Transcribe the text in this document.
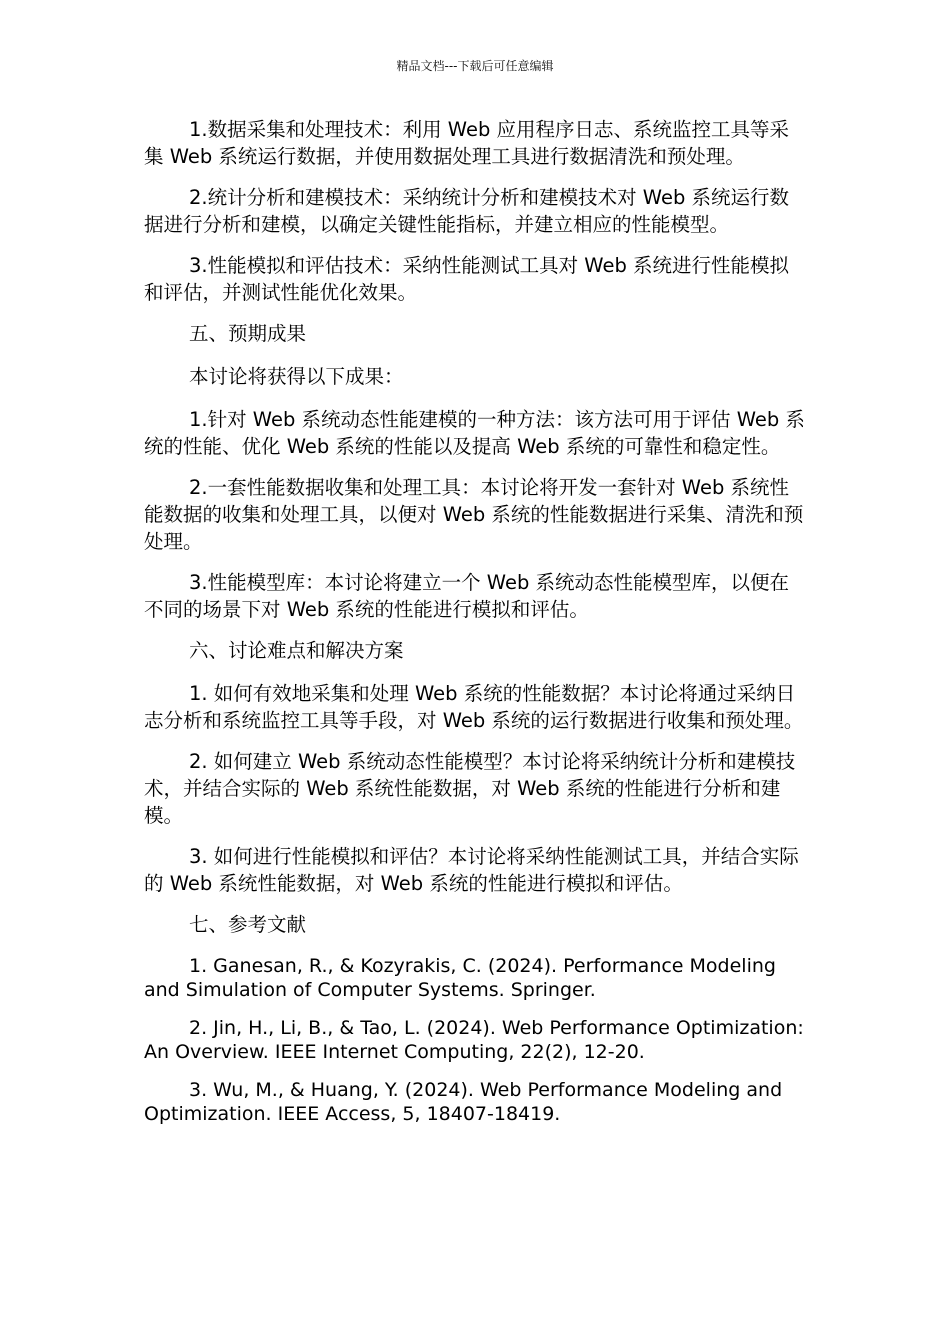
精品文档---下载后可任意编辑

1.数据采集和处理技术：利用 Web 应用程序日志、系统监控工具等采集 Web 系统运行数据，并使用数据处理工具进行数据清洗和预处理。

2.统计分析和建模技术：采纳统计分析和建模技术对 Web 系统运行数据进行分析和建模，以确定关键性能指标，并建立相应的性能模型。

3.性能模拟和评估技术：采纳性能测试工具对 Web 系统进行性能模拟和评估，并测试性能优化效果。

五、预期成果

本讨论将获得以下成果：

1.针对 Web 系统动态性能建模的一种方法：该方法可用于评估 Web 系统的性能、优化 Web 系统的性能以及提高 Web 系统的可靠性和稳定性。

2.一套性能数据收集和处理工具：本讨论将开发一套针对 Web 系统性能数据的收集和处理工具，以便对 Web 系统的性能数据进行采集、清洗和预处理。

3.性能模型库：本讨论将建立一个 Web 系统动态性能模型库，以便在不同的场景下对 Web 系统的性能进行模拟和评估。

六、讨论难点和解决方案

1. 如何有效地采集和处理 Web 系统的性能数据？本讨论将通过采纳日志分析和系统监控工具等手段，对 Web 系统的运行数据进行收集和预处理。

2. 如何建立 Web 系统动态性能模型？本讨论将采纳统计分析和建模技术，并结合实际的 Web 系统性能数据，对 Web 系统的性能进行分析和建模。

3. 如何进行性能模拟和评估？本讨论将采纳性能测试工具，并结合实际的 Web 系统性能数据，对 Web 系统的性能进行模拟和评估。

七、参考文献

1. Ganesan, R., & Kozyrakis, C. (2024). Performance Modeling and Simulation of Computer Systems. Springer.

2. Jin, H., Li, B., & Tao, L. (2024). Web Performance Optimization: An Overview. IEEE Internet Computing, 22(2), 12-20.

3. Wu, M., & Huang, Y. (2024). Web Performance Modeling and Optimization. IEEE Access, 5, 18407-18419.
